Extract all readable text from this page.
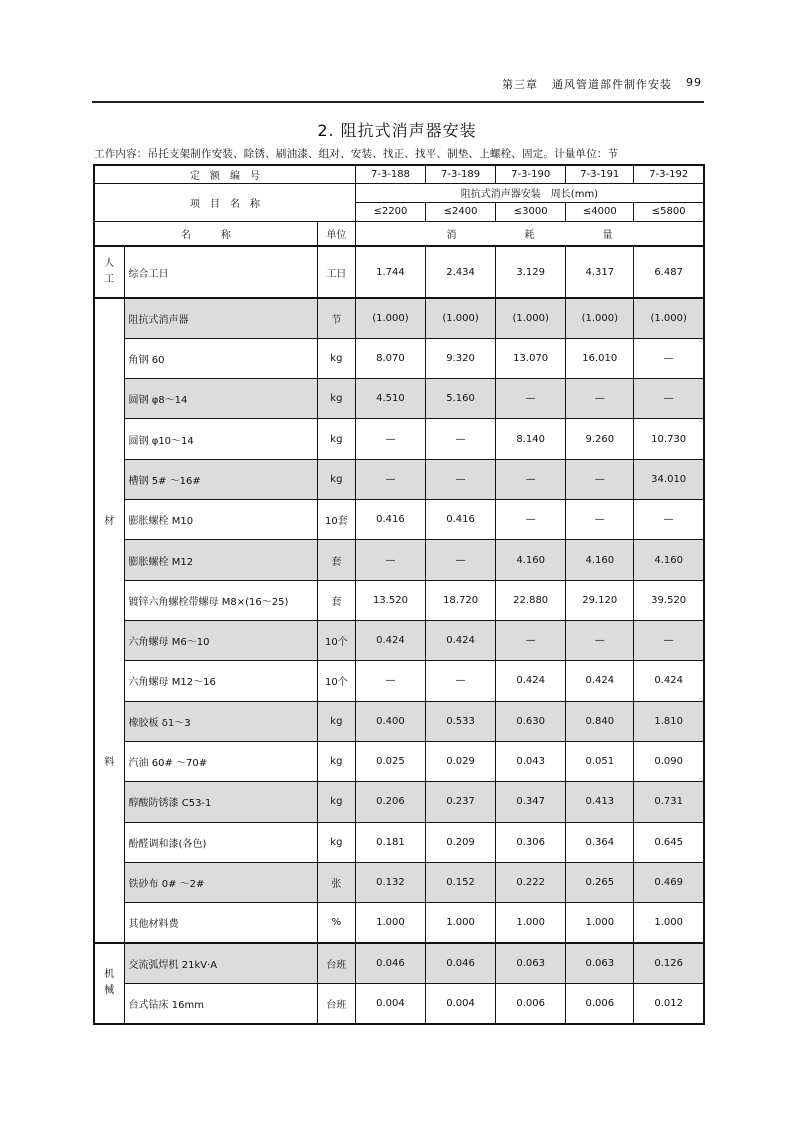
第三章 通风管道部件制作安装 99
2. 阻抗式消声器安装
工作内容：吊托支架制作安装、除锈、刷油漆、组对、安装、找正、找平、制垫、上螺栓、固定。计量单位：节
定　额　编　号			7-3-188	7-3-189	7-3-190	7-3-191	7-3-192
项　目　名　称			阻抗式消声器安装　周长(mm)				
			≤2200	≤2400	≤3000	≤4000	≤5800
名　　　称		单位	消 耗 量				
人
工	综合工日	工日	1.744	2.434	3.129	4.317	6.487

材
料	阻抗式消声器	节	(1.000)	(1.000)	(1.000)	(1.000)	(1.000)
	角钢 60	kg	8.070	9.320	13.070	16.010	—
	圆钢 φ8～14	kg	4.510	5.160	—	—	—
	圆钢 φ10～14	kg	—	—	8.140	9.260	10.730
	槽钢 5# ～16#	kg	—	—	—	—	34.010
	膨胀螺栓 M10	10套	0.416	0.416	—	—	—
	膨胀螺栓 M12	套	—	—	4.160	4.160	4.160
	镀锌六角螺栓带螺母 M8×(16～25)	套	13.520	18.720	22.880	29.120	39.520
	六角螺母 M6～10	10个	0.424	0.424	—	—	—
	六角螺母 M12～16	10个	—	—	0.424	0.424	0.424
	橡胶板 δ1～3	kg	0.400	0.533	0.630	0.840	1.810
	汽油 60# ～70#	kg	0.025	0.029	0.043	0.051	0.090
	醇酸防锈漆 C53-1	kg	0.206	0.237	0.347	0.413	0.731
	酚醛调和漆(各色)	kg	0.181	0.209	0.306	0.364	0.645
	铁砂布 0# ～2#	张	0.132	0.152	0.222	0.265	0.469
	其他材料费	%	1.000	1.000	1.000	1.000	1.000
机
械	交流弧焊机 21kV·A	台班	0.046	0.046	0.063	0.063	0.126
	台式钻床 16mm	台班	0.004	0.004	0.006	0.006	0.012
